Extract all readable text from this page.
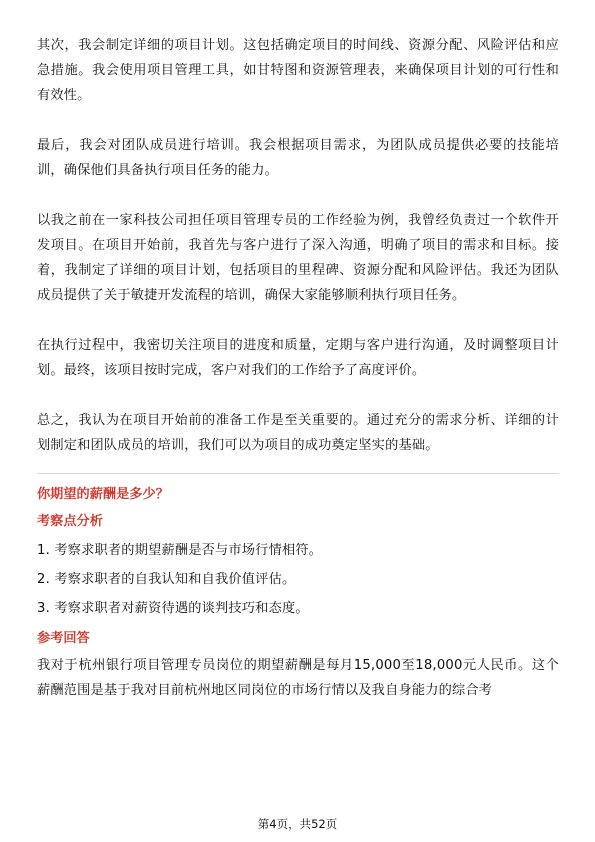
其次，我会制定详细的项目计划。这包括确定项目的时间线、资源分配、风险评估和应急措施。我会使用项目管理工具，如甘特图和资源管理表，来确保项目计划的可行性和有效性。

最后，我会对团队成员进行培训。我会根据项目需求，为团队成员提供必要的技能培训，确保他们具备执行项目任务的能力。

以我之前在一家科技公司担任项目管理专员的工作经验为例，我曾经负责过一个软件开发项目。在项目开始前，我首先与客户进行了深入沟通，明确了项目的需求和目标。接着，我制定了详细的项目计划，包括项目的里程碑、资源分配和风险评估。我还为团队成员提供了关于敏捷开发流程的培训，确保大家能够顺利执行项目任务。

在执行过程中，我密切关注项目的进度和质量，定期与客户进行沟通，及时调整项目计划。最终，该项目按时完成，客户对我们的工作给予了高度评价。

总之，我认为在项目开始前的准备工作是至关重要的。通过充分的需求分析、详细的计划制定和团队成员的培训，我们可以为项目的成功奠定坚实的基础。

你期望的薪酬是多少？
考察点分析
1. 考察求职者的期望薪酬是否与市场行情相符。
2. 考察求职者的自我认知和自我价值评估。
3. 考察求职者对薪资待遇的谈判技巧和态度。
参考回答

我对于杭州银行项目管理专员岗位的期望薪酬是每月15,000至18,000元人民币。这个薪酬范围是基于我对目前杭州地区同岗位的市场行情以及我自身能力的综合考

第4页，共52页
